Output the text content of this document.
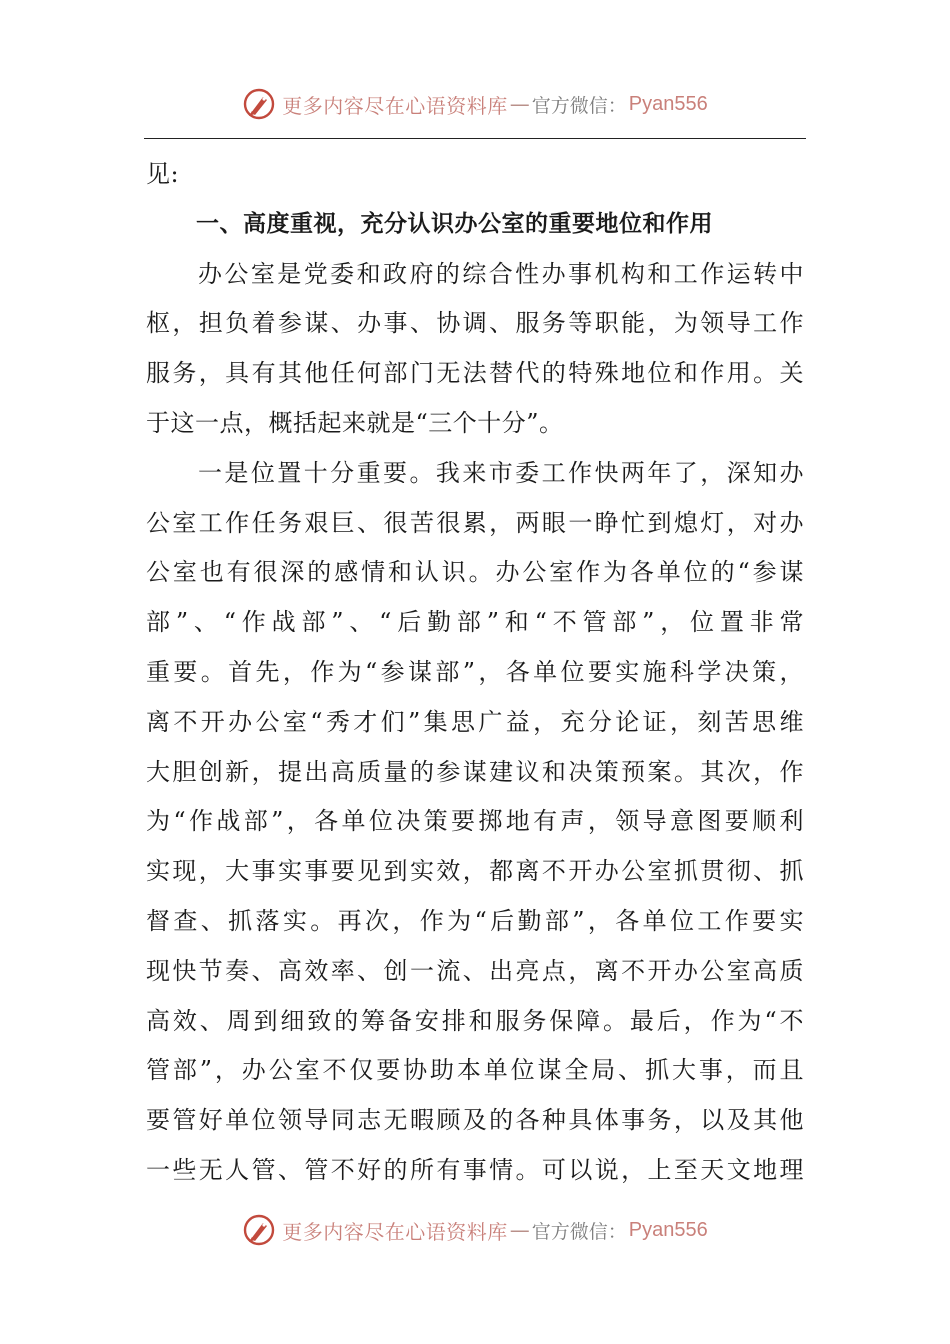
更多内容尽在心语资料库 — 官方微信： Pyan556
见:
一、高度重视，充分认识办公室的重要地位和作用
办公室是党委和政府的综合性办事机构和工作运转中
枢，担负着参谋、办事、协调、服务等职能，为领导工作
服务，具有其他任何部门无法替代的特殊地位和作用。关
于这一点，概括起来就是“三个十分”。
一是位置十分重要。我来市委工作快两年了，深知办
公室工作任务艰巨、很苦很累，两眼一睁忙到熄灯，对办
公室也有很深的感情和认识。办公室作为各单位的“参谋
部”、“作战部”、“后勤部”和“不管部”，位置非常
重要。首先，作为“参谋部”，各单位要实施科学决策，
离不开办公室“秀才们”集思广益，充分论证，刻苦思维
大胆创新，提出高质量的参谋建议和决策预案。其次，作
为“作战部”，各单位决策要掷地有声，领导意图要顺利
实现，大事实事要见到实效，都离不开办公室抓贯彻、抓
督查、抓落实。再次，作为“后勤部”，各单位工作要实
现快节奏、高效率、创一流、出亮点，离不开办公室高质
高效、周到细致的筹备安排和服务保障。最后，作为“不
管部”，办公室不仅要协助本单位谋全局、抓大事，而且
要管好单位领导同志无暇顾及的各种具体事务，以及其他
一些无人管、管不好的所有事情。可以说，上至天文地理
更多内容尽在心语资料库 — 官方微信： Pyan556
